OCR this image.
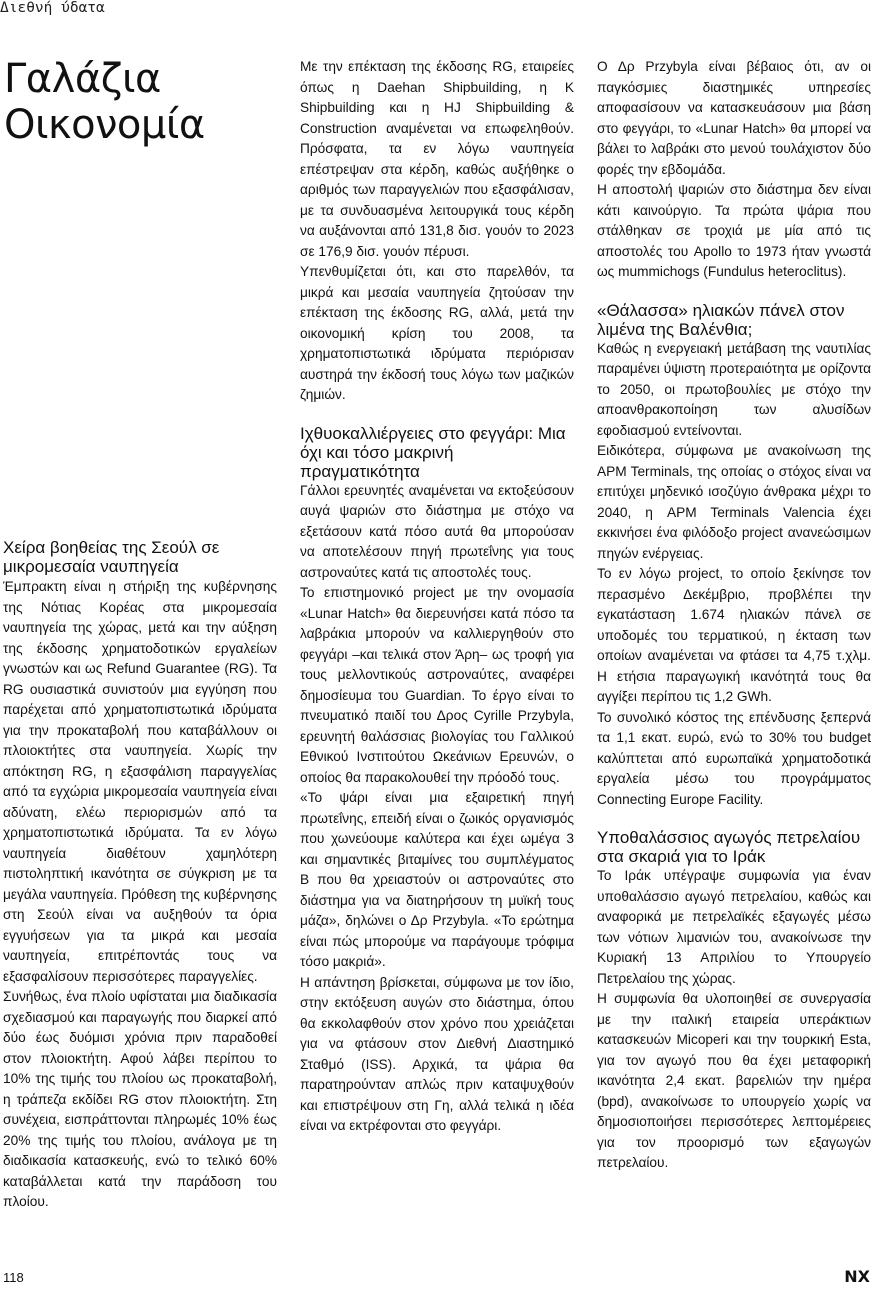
Διεθνή ύδατα
Γαλάζια
Οικονομία
Χείρα βοηθείας της Σεούλ σε μικρομεσαία ναυπηγεία

Έμπρακτη είναι η στήριξη της κυβέρνησης της Νότιας Κορέας στα μικρομεσαία ναυπηγεία της χώρας, μετά και την αύξηση της έκδοσης χρηματοδοτικών εργαλείων γνωστών και ως Refund Guarantee (RG). Τα RG ουσιαστικά συνιστούν μια εγγύηση που παρέχεται από χρηματοπιστωτικά ιδρύματα για την προκαταβολή που καταβάλλουν οι πλοιοκτήτες στα ναυπηγεία. Χωρίς την απόκτηση RG, η εξασφάλιση παραγγελίας από τα εγχώρια μικρομεσαία ναυπηγεία είναι αδύνατη, ελέω περιορισμών από τα χρηματοπιστωτικά ιδρύματα. Τα εν λόγω ναυπηγεία διαθέτουν χαμηλότερη πιστοληπτική ικανότητα σε σύγκριση με τα μεγάλα ναυπηγεία. Πρόθεση της κυβέρνησης στη Σεούλ είναι να αυξηθούν τα όρια εγγυήσεων για τα μικρά και μεσαία ναυπηγεία, επιτρέποντάς τους να εξασφαλίσουν περισσότερες παραγγελίες.

Συνήθως, ένα πλοίο υφίσταται μια διαδικασία σχεδιασμού και παραγωγής που διαρκεί από δύο έως δυόμισι χρόνια πριν παραδοθεί στον πλοιοκτήτη. Αφού λάβει περίπου το 10% της τιμής του πλοίου ως προκαταβολή, η τράπεζα εκδίδει RG στον πλοιοκτήτη. Στη συνέχεια, εισπράττονται πληρωμές 10% έως 20% της τιμής του πλοίου, ανάλογα με τη διαδικασία κατασκευής, ενώ το τελικό 60% καταβάλλεται κατά την παράδοση του πλοίου.

Με την επέκταση της έκδοσης RG, εταιρείες όπως η Daehan Shipbuilding, η K Shipbuilding και η HJ Shipbuilding & Construction αναμένεται να επωφεληθούν. Πρόσφατα, τα εν λόγω ναυπηγεία επέστρεψαν στα κέρδη, καθώς αυξήθηκε ο αριθμός των παραγγελιών που εξασφάλισαν, με τα συνδυασμένα λειτουργικά τους κέρδη να αυξάνονται από 131,8 δισ. γουόν το 2023 σε 176,9 δισ. γουόν πέρυσι.

Υπενθυμίζεται ότι, και στο παρελθόν, τα μικρά και μεσαία ναυπηγεία ζητούσαν την επέκταση της έκδοσης RG, αλλά, μετά την οικονομική κρίση του 2008, τα χρηματοπιστωτικά ιδρύματα περιόρισαν αυστηρά την έκδοσή τους λόγω των μαζικών ζημιών.

Ιχθυοκαλλιέργειες στο φεγγάρι: Μια όχι και τόσο μακρινή πραγματικότητα

Γάλλοι ερευνητές αναμένεται να εκτοξεύσουν αυγά ψαριών στο διάστημα με στόχο να εξετάσουν κατά πόσο αυτά θα μπορούσαν να αποτελέσουν πηγή πρωτεΐνης για τους αστροναύτες κατά τις αποστολές τους.

Το επιστημονικό project με την ονομασία «Lunar Hatch» θα διερευνήσει κατά πόσο τα λαβράκια μπορούν να καλλιεργηθούν στο φεγγάρι –και τελικά στον Άρη– ως τροφή για τους μελλοντικούς αστροναύτες, αναφέρει δημοσίευμα του Guardian. Το έργο είναι το πνευματικό παιδί του Δρος Cyrille Przybyla, ερευνητή θαλάσσιας βιολογίας του Γαλλικού Εθνικού Ινστιτούτου Ωκεάνιων Ερευνών, ο οποίος θα παρακολουθεί την πρόοδό τους.

«Το ψάρι είναι μια εξαιρετική πηγή πρωτεΐνης, επειδή είναι ο ζωικός οργανισμός που χωνεύουμε καλύτερα και έχει ωμέγα 3 και σημαντικές βιταμίνες του συμπλέγματος B που θα χρειαστούν οι αστροναύτες στο διάστημα για να διατηρήσουν τη μυϊκή τους μάζα», δηλώνει ο Δρ Przybyla. «Το ερώτημα είναι πώς μπορούμε να παράγουμε τρόφιμα τόσο μακριά».

Η απάντηση βρίσκεται, σύμφωνα με τον ίδιο, στην εκτόξευση αυγών στο διάστημα, όπου θα εκκολαφθούν στον χρόνο που χρειάζεται για να φτάσουν στον Διεθνή Διαστημικό Σταθμό (ISS). Αρχικά, τα ψάρια θα παρατηρούνταν απλώς πριν καταψυχθούν και επιστρέψουν στη Γη, αλλά τελικά η ιδέα είναι να εκτρέφονται στο φεγγάρι.

Ο Δρ Przybyla είναι βέβαιος ότι, αν οι παγκόσμιες διαστημικές υπηρεσίες αποφασίσουν να κατασκευάσουν μια βάση στο φεγγάρι, το «Lunar Hatch» θα μπορεί να βάλει το λαβράκι στο μενού τουλάχιστον δύο φορές την εβδομάδα.

Η αποστολή ψαριών στο διάστημα δεν είναι κάτι καινούργιο. Τα πρώτα ψάρια που στάλθηκαν σε τροχιά με μία από τις αποστολές του Apollo το 1973 ήταν γνωστά ως mummichogs (Fundulus heteroclitus).

«Θάλασσα» ηλιακών πάνελ στον λιμένα της Βαλένθια;

Καθώς η ενεργειακή μετάβαση της ναυτιλίας παραμένει ύψιστη προτεραιότητα με ορίζοντα το 2050, οι πρωτοβουλίες με στόχο την απoανθρακοποίηση των αλυσίδων εφοδιασμού εντείνονται.

Ειδικότερα, σύμφωνα με ανακοίνωση της APM Terminals, της οποίας ο στόχος είναι να επιτύχει μηδενικό ισοζύγιο άνθρακα μέχρι το 2040, η APM Terminals Valencia έχει εκκινήσει ένα φιλόδοξο project ανανεώσιμων πηγών ενέργειας.

Το εν λόγω project, το οποίο ξεκίνησε τον περασμένο Δεκέμβριο, προβλέπει την εγκατάσταση 1.674 ηλιακών πάνελ σε υποδομές του τερματικού, η έκταση των οποίων αναμένεται να φτάσει τα 4,75 τ.χλμ. Η ετήσια παραγωγική ικανότητά τους θα αγγίξει περίπου τις 1,2 GWh.

Το συνολικό κόστος της επένδυσης ξεπερνά τα 1,1 εκατ. ευρώ, ενώ το 30% του budget καλύπτεται από ευρωπαϊκά χρηματοδοτικά εργαλεία μέσω του προγράμματος Connecting Europe Facility.

Υποθαλάσσιος αγωγός πετρελαίου στα σκαριά για το Ιράκ

Το Ιράκ υπέγραψε συμφωνία για έναν υποθαλάσσιο αγωγό πετρελαίου, καθώς και αναφορικά με πετρελαϊκές εξαγωγές μέσω των νότιων λιμανιών του, ανακοίνωσε την Κυριακή 13 Απριλίου το Υπουργείο Πετρελαίου της χώρας.

Η συμφωνία θα υλοποιηθεί σε συνεργασία με την ιταλική εταιρεία υπεράκτιων κατασκευών Micoperi και την τουρκική Esta, για τον αγωγό που θα έχει μεταφορική ικανότητα 2,4 εκατ. βαρελιών την ημέρα (bpd), ανακοίνωσε το υπουργείο χωρίς να δημοσιοποιήσει περισσότερες λεπτομέρειες για τον προορισμό των εξαγωγών πετρελαίου.

118	NX
